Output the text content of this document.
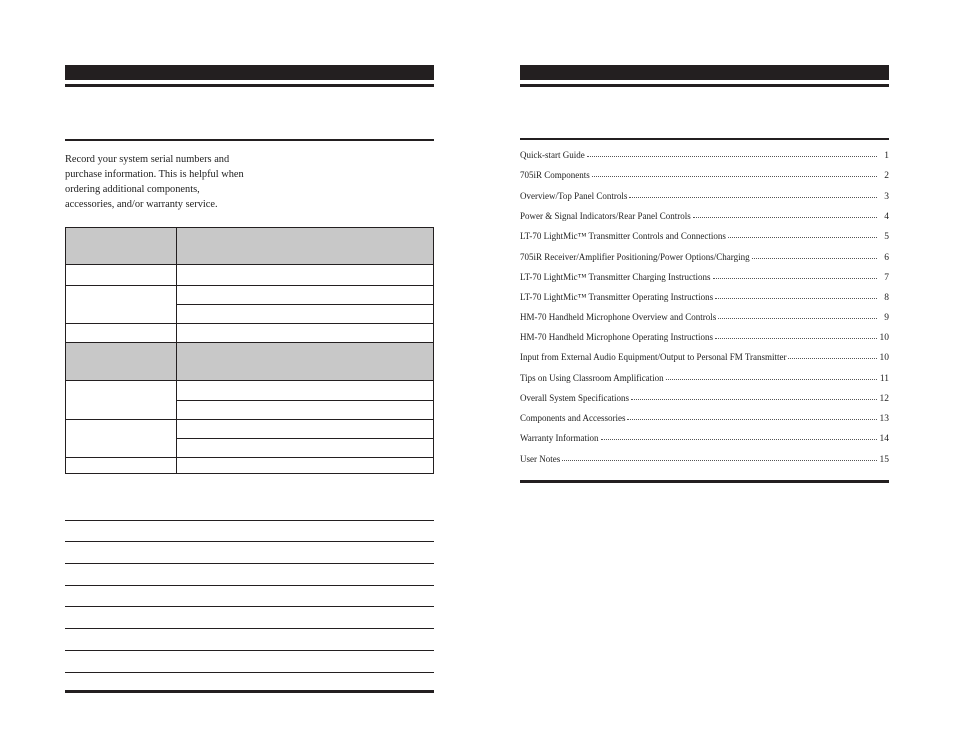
Record your system serial numbers and purchase information. This is helpful when ordering additional components, accessories, and/or warranty service.

Quick-start Guide	1
705iR Components	2
Overview/Top Panel Controls	3
Power & Signal Indicators/Rear Panel Controls	4
LT-70 LightMic™ Transmitter Controls and Connections	5
705iR Receiver/Amplifier Positioning/Power Options/Charging	6
LT-70 LightMic™ Transmitter Charging Instructions	7
LT-70 LightMic™ Transmitter Operating Instructions	8
HM-70 Handheld Microphone Overview and Controls	9
HM-70 Handheld Microphone Operating Instructions	10
Input from External Audio Equipment/Output to Personal FM Transmitter	10
Tips on Using Classroom Amplification	11
Overall System Specifications	12
Components and Accessories	13
Warranty Information	14
User Notes	15
